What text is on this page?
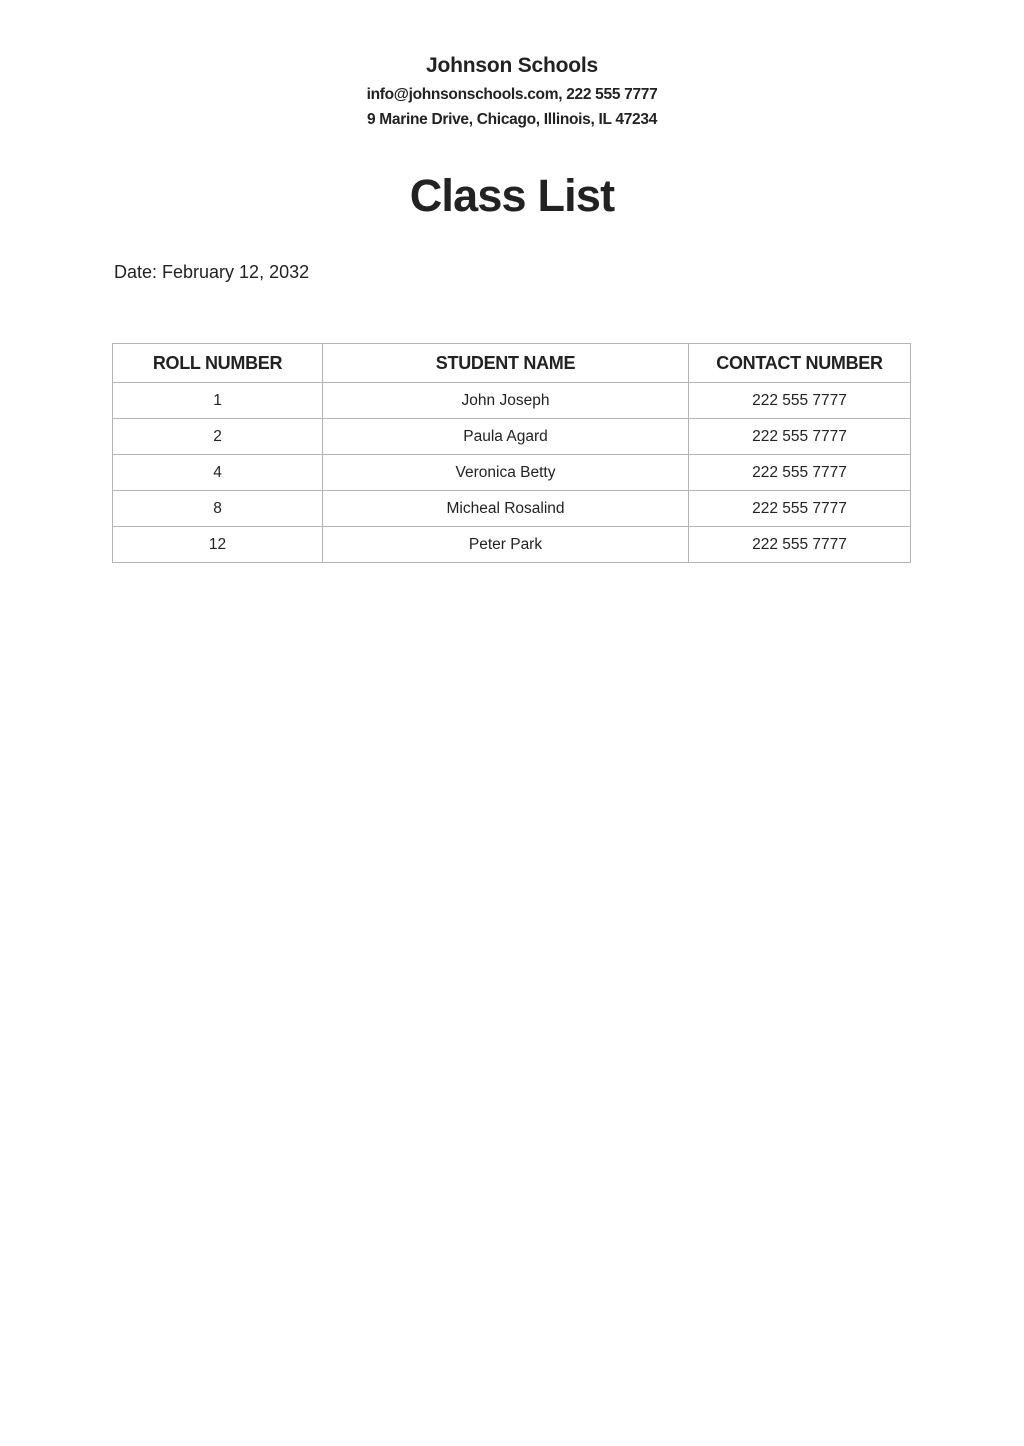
Johnson Schools

info@johnsonschools.com, 222 555 7777

9 Marine Drive, Chicago, Illinois, IL 47234

Class List

Date: February 12, 2032

ROLL NUMBER	STUDENT NAME	CONTACT NUMBER
1	John Joseph	222 555 7777
2	Paula Agard	222 555 7777
4	Veronica Betty	222 555 7777
8	Micheal Rosalind	222 555 7777
12	Peter Park	222 555 7777
